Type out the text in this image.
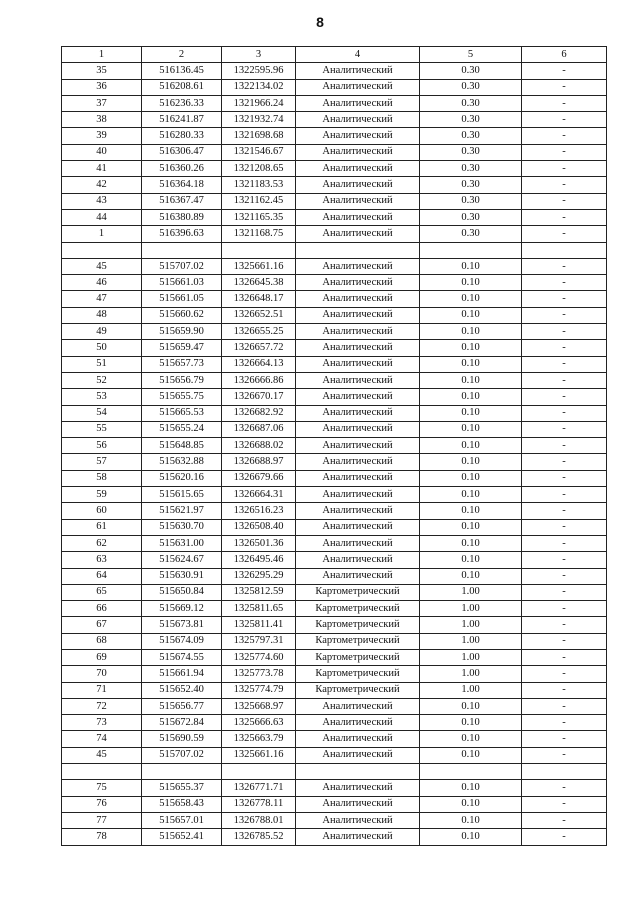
8
1	2	3	4	5	6
35	516136.45	1322595.96	Аналитический	0.30	-
36	516208.61	1322134.02	Аналитический	0.30	-
37	516236.33	1321966.24	Аналитический	0.30	-
38	516241.87	1321932.74	Аналитический	0.30	-
39	516280.33	1321698.68	Аналитический	0.30	-
40	516306.47	1321546.67	Аналитический	0.30	-
41	516360.26	1321208.65	Аналитический	0.30	-
42	516364.18	1321183.53	Аналитический	0.30	-
43	516367.47	1321162.45	Аналитический	0.30	-
44	516380.89	1321165.35	Аналитический	0.30	-
1	516396.63	1321168.75	Аналитический	0.30	-

45	515707.02	1325661.16	Аналитический	0.10	-
46	515661.03	1326645.38	Аналитический	0.10	-
47	515661.05	1326648.17	Аналитический	0.10	-
48	515660.62	1326652.51	Аналитический	0.10	-
49	515659.90	1326655.25	Аналитический	0.10	-
50	515659.47	1326657.72	Аналитический	0.10	-
51	515657.73	1326664.13	Аналитический	0.10	-
52	515656.79	1326666.86	Аналитический	0.10	-
53	515655.75	1326670.17	Аналитический	0.10	-
54	515665.53	1326682.92	Аналитический	0.10	-
55	515655.24	1326687.06	Аналитический	0.10	-
56	515648.85	1326688.02	Аналитический	0.10	-
57	515632.88	1326688.97	Аналитический	0.10	-
58	515620.16	1326679.66	Аналитический	0.10	-
59	515615.65	1326664.31	Аналитический	0.10	-
60	515621.97	1326516.23	Аналитический	0.10	-
61	515630.70	1326508.40	Аналитический	0.10	-
62	515631.00	1326501.36	Аналитический	0.10	-
63	515624.67	1326495.46	Аналитический	0.10	-
64	515630.91	1326295.29	Аналитический	0.10	-
65	515650.84	1325812.59	Картометрический	1.00	-
66	515669.12	1325811.65	Картометрический	1.00	-
67	515673.81	1325811.41	Картометрический	1.00	-
68	515674.09	1325797.31	Картометрический	1.00	-
69	515674.55	1325774.60	Картометрический	1.00	-
70	515661.94	1325773.78	Картометрический	1.00	-
71	515652.40	1325774.79	Картометрический	1.00	-
72	515656.77	1325668.97	Аналитический	0.10	-
73	515672.84	1325666.63	Аналитический	0.10	-
74	515690.59	1325663.79	Аналитический	0.10	-
45	515707.02	1325661.16	Аналитический	0.10	-

75	515655.37	1326771.71	Аналитический	0.10	-
76	515658.43	1326778.11	Аналитический	0.10	-
77	515657.01	1326788.01	Аналитический	0.10	-
78	515652.41	1326785.52	Аналитический	0.10	-
